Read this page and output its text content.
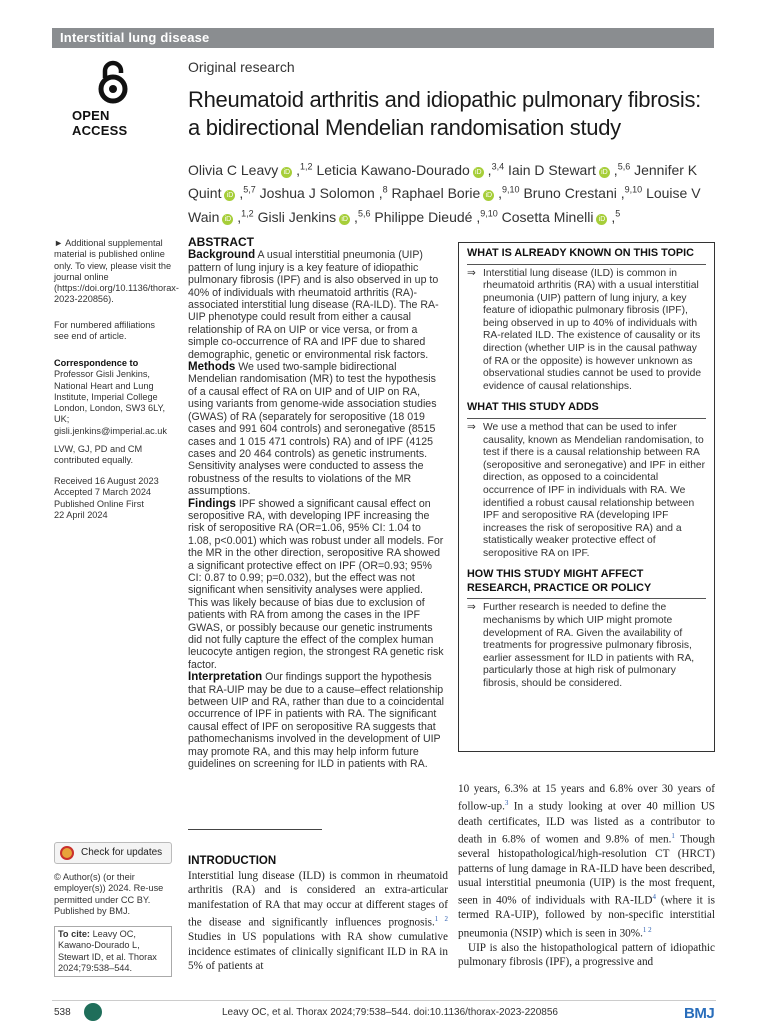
Interstitial lung disease
OPEN ACCESS
Original research
Rheumatoid arthritis and idiopathic pulmonary fibrosis: a bidirectional Mendelian randomisation study
Olivia C Leavy iD ,$^{1,2}$ Leticia Kawano-Dourado iD ,$^{3,4}$ Iain D Stewart iD ,$^{5,6}$ Jennifer K Quint iD ,$^{5,7}$ Joshua J Solomon ,$^8$ Raphael Borie iD ,$^{9,10}$ Bruno Crestani ,$^{9,10}$ Louise V Wain iD ,$^{1,2}$ Gisli Jenkins iD ,$^{5,6}$ Philippe Dieudé ,$^{9,10}$ Cosetta Minelli iD ,$^5$
► Additional supplemental material is published online only. To view, please visit the journal online (https://doi.org/10.1136/thorax-2023-220856).
For numbered affiliations see end of article.
Correspondence to
Professor Gisli Jenkins, National Heart and Lung Institute, Imperial College London, London, SW3 6LY, UK; gisli.jenkins@imperial.ac.uk
LVW, GJ, PD and CM contributed equally.
Received 16 August 2023
Accepted 7 March 2024
Published Online First
22 April 2024
Check for updates
© Author(s) (or their employer(s)) 2024. Re-use permitted under CC BY. Published by BMJ.
To cite: Leavy OC, Kawano-Dourado L, Stewart ID, et al. Thorax 2024;79:538–544.
ABSTRACT

Background A usual interstitial pneumonia (UIP) pattern of lung injury is a key feature of idiopathic pulmonary fibrosis (IPF) and is also observed in up to 40% of individuals with rheumatoid arthritis (RA)-associated interstitial lung disease (RA-ILD). The RA-UIP phenotype could result from either a causal relationship of RA on UIP or vice versa, or from a simple co-occurrence of RA and IPF due to shared demographic, genetic or environmental risk factors.

Methods We used two-sample bidirectional Mendelian randomisation (MR) to test the hypothesis of a causal effect of RA on UIP and of UIP on RA, using variants from genome-wide association studies (GWAS) of RA (separately for seropositive (18 019 cases and 991 604 controls) and seronegative (8515 cases and 1 015 471 controls) RA) and of IPF (4125 cases and 20 464 controls) as genetic instruments. Sensitivity analyses were conducted to assess the robustness of the results to violations of the MR assumptions.

Findings IPF showed a significant causal effect on seropositive RA, with developing IPF increasing the risk of seropositive RA (OR=1.06, 95% CI: 1.04 to 1.08, p<0.001) which was robust under all models. For the MR in the other direction, seropositive RA showed a significant protective effect on IPF (OR=0.93; 95% CI: 0.87 to 0.99; p=0.032), but the effect was not significant when sensitivity analyses were applied. This was likely because of bias due to exclusion of patients with RA from among the cases in the IPF GWAS, or possibly because our genetic instruments did not fully capture the effect of the complex human leucocyte antigen region, the strongest RA genetic risk factor.

Interpretation Our findings support the hypothesis that RA-UIP may be due to a cause–effect relationship between UIP and RA, rather than due to a coincidental occurrence of IPF in patients with RA. The significant causal effect of IPF on seropositive RA suggests that pathomechanisms involved in the development of UIP may promote RA, and this may help inform future guidelines on screening for ILD in patients with RA.

INTRODUCTION
Interstitial lung disease (ILD) is common in rheumatoid arthritis (RA) and is considered an extra-articular manifestation of RA that may occur at different stages of the disease and significantly influences prognosis.$^{1 2}$ Studies in US populations with RA show cumulative incidence estimates of clinically significant ILD in RA in 5% of patients at
WHAT IS ALREADY KNOWN ON THIS TOPIC
⇒ Interstitial lung disease (ILD) is common in rheumatoid arthritis (RA) with a usual interstitial pneumonia (UIP) pattern of lung injury, a key feature of idiopathic pulmonary fibrosis (IPF), being observed in up to 40% of individuals with RA-related ILD. The existence of causality or its direction (whether UIP is in the causal pathway of RA or the opposite) is however unknown as observational studies cannot be used to provide evidence of causal relationships.
WHAT THIS STUDY ADDS
⇒ We use a method that can be used to infer causality, known as Mendelian randomisation, to test if there is a causal relationship between RA (seropositive and seronegative) and IPF in either direction, as opposed to a coincidental occurrence of IPF in individuals with RA. We identified a robust causal relationship between IPF and seropositive RA (developing IPF increases the risk of seropositive RA) and a statistically weaker protective effect of seropositive RA on IPF.
HOW THIS STUDY MIGHT AFFECT RESEARCH, PRACTICE OR POLICY
⇒ Further research is needed to define the mechanisms by which UIP might promote development of RA. Given the availability of treatments for progressive pulmonary fibrosis, earlier assessment for ILD in patients with RA, particularly those at high risk of pulmonary fibrosis, should be considered.
10 years, 6.3% at 15 years and 6.8% over 30 years of follow-up.$^3$ In a study looking at over 40 million US death certificates, ILD was listed as a contributor to death in 6.8% of women and 9.8% of men.$^1$ Though several histopathological/high-resolution CT (HRCT) patterns of lung damage in RA-ILD have been described, usual interstitial pneumonia (UIP) is the most frequent, seen in 40% of individuals with RA-ILD$^4$ (where it is termed RA-UIP), followed by non-specific interstitial pneumonia (NSIP) which is seen in 30%.$^{1 2}$
UIP is also the histopathological pattern of idiopathic pulmonary fibrosis (IPF), a progressive and
538	Leavy OC, et al. Thorax 2024;79:538–544. doi:10.1136/thorax-2023-220856	BMJ
